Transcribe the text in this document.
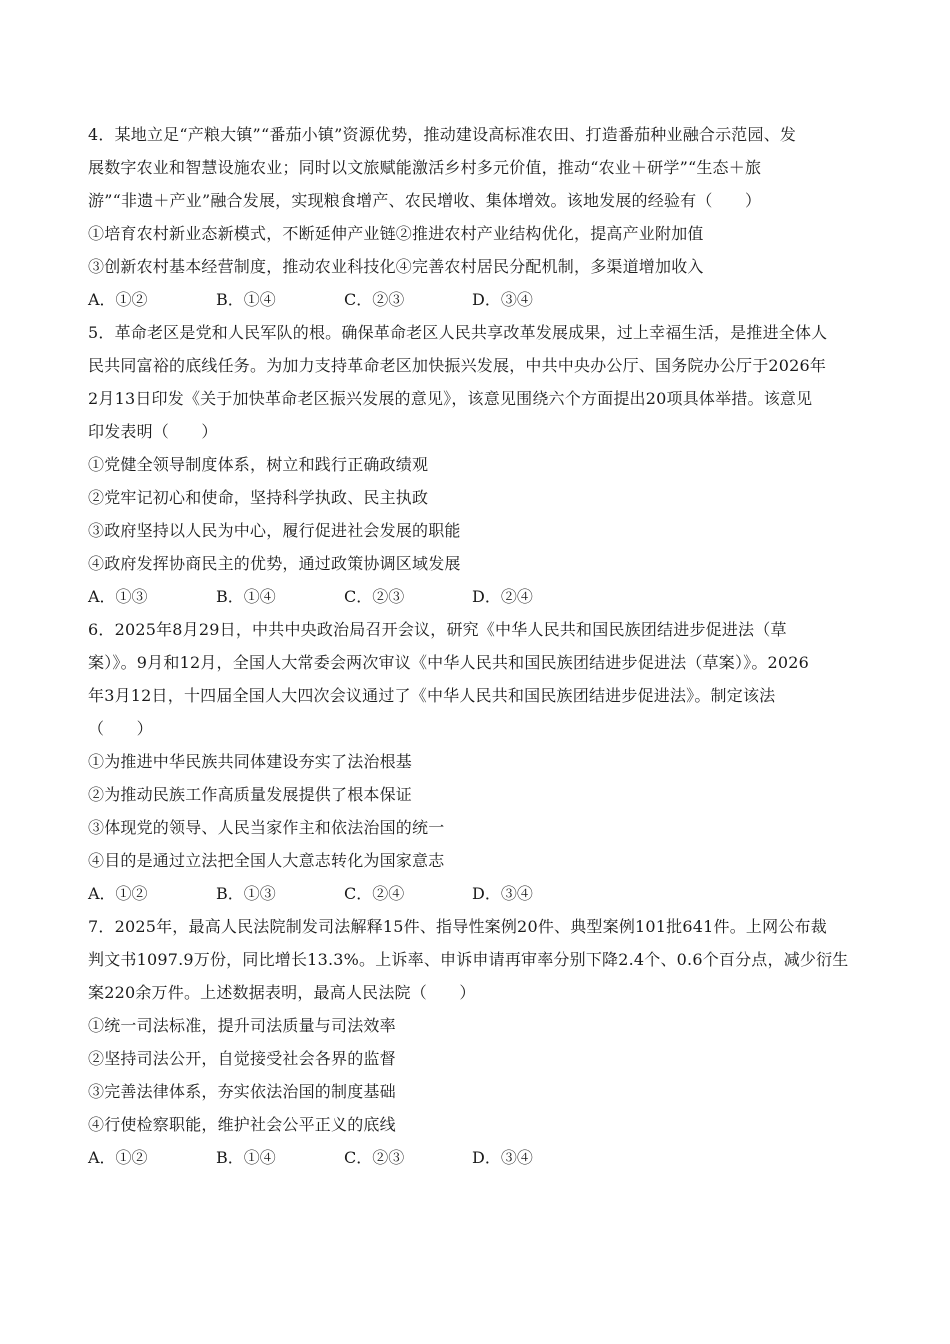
4．某地立足“产粮大镇”“番茄小镇”资源优势，推动建设高标准农田、打造番茄种业融合示范园、发
展数字农业和智慧设施农业；同时以文旅赋能激活乡村多元价值，推动“农业＋研学”“生态＋旅
游”“非遗＋产业”融合发展，实现粮食增产、农民增收、集体增效。该地发展的经验有（　　）
①培育农村新业态新模式，不断延伸产业链②推进农村产业结构优化，提高产业附加值
③创新农村基本经营制度，推动农业科技化④完善农村居民分配机制，多渠道增加收入
A．①②	B．①④	C．②③	D．③④
5．革命老区是党和人民军队的根。确保革命老区人民共享改革发展成果，过上幸福生活，是推进全体人
民共同富裕的底线任务。为加力支持革命老区加快振兴发展，中共中央办公厅、国务院办公厅于2026年
2月13日印发《关于加快革命老区振兴发展的意见》，该意见围绕六个方面提出20项具体举措。该意见
印发表明（　　）
①党健全领导制度体系，树立和践行正确政绩观
②党牢记初心和使命，坚持科学执政、民主执政
③政府坚持以人民为中心，履行促进社会发展的职能
④政府发挥协商民主的优势，通过政策协调区域发展
A．①③	B．①④	C．②③	D．②④
6．2025年8月29日，中共中央政治局召开会议，研究《中华人民共和国民族团结进步促进法（草
案）》。9月和12月，全国人大常委会两次审议《中华人民共和国民族团结进步促进法（草案）》。2026
年3月12日，十四届全国人大四次会议通过了《中华人民共和国民族团结进步促进法》。制定该法
（　　）
①为推进中华民族共同体建设夯实了法治根基
②为推动民族工作高质量发展提供了根本保证
③体现党的领导、人民当家作主和依法治国的统一
④目的是通过立法把全国人大意志转化为国家意志
A．①②	B．①③	C．②④	D．③④
7．2025年，最高人民法院制发司法解释15件、指导性案例20件、典型案例101批641件。上网公布裁
判文书1097.9万份，同比增长13.3%。上诉率、申诉申请再审率分别下降2.4个、0.6个百分点，减少衍生
案220余万件。上述数据表明，最高人民法院（　　）
①统一司法标准，提升司法质量与司法效率
②坚持司法公开，自觉接受社会各界的监督
③完善法律体系，夯实依法治国的制度基础
④行使检察职能，维护社会公平正义的底线
A．①②	B．①④	C．②③	D．③④
